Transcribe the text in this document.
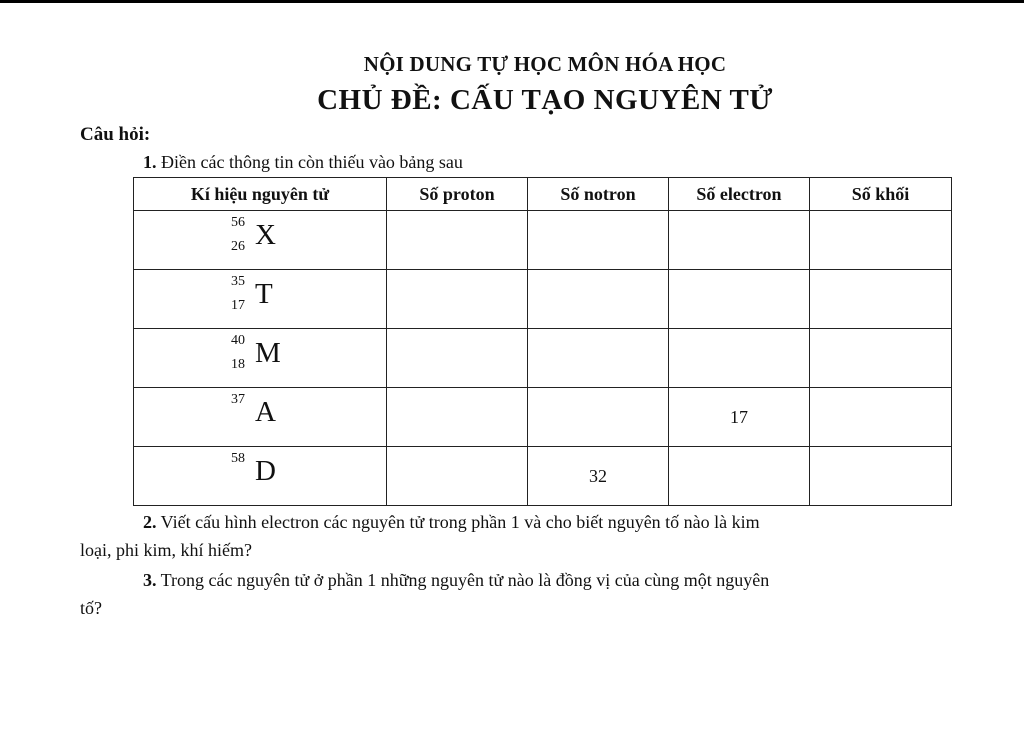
NỘI DUNG TỰ HỌC MÔN HÓA HỌC
CHỦ ĐỀ: CẤU TẠO NGUYÊN TỬ
Câu hỏi:
1. Điền các thông tin còn thiếu vào bảng sau
Kí hiệu nguyên tử	Số proton	Số notron	Số electron	Số khối

56
26 X				

35
17 T				

40
18 M				

37 A			17	

58 D		32		
2. Viết cấu hình electron các nguyên tử trong phần 1 và cho biết nguyên tố nào là kim
loại, phi kim, khí hiếm?
3. Trong các nguyên tử ở phần 1 những nguyên tử nào là đồng vị của cùng một nguyên
tố?
